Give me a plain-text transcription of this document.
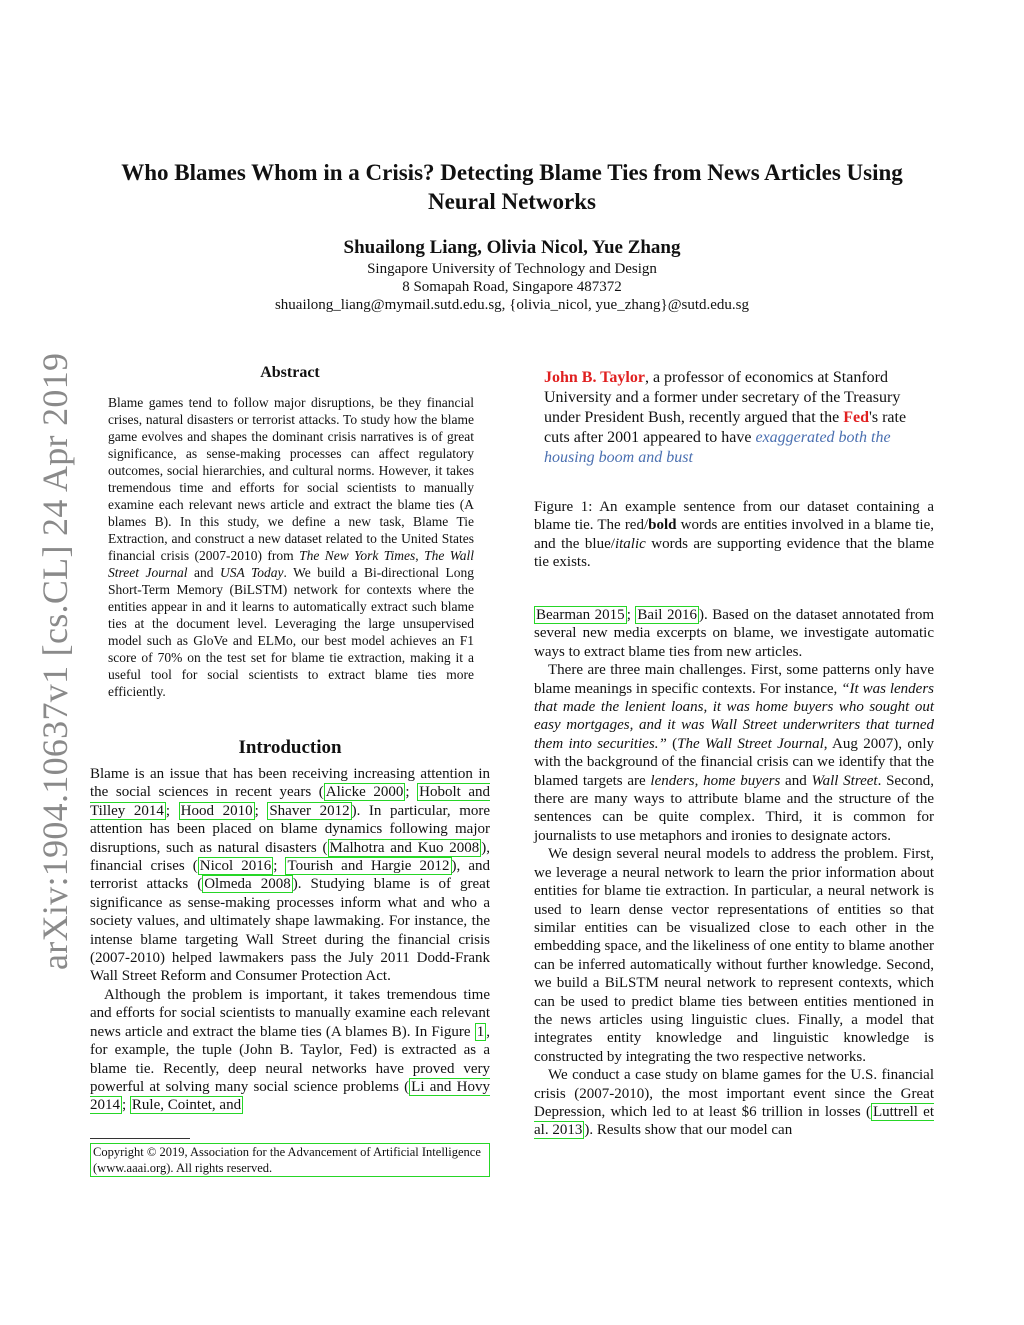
arXiv:1904.10637v1 [cs.CL] 24 Apr 2019
Who Blames Whom in a Crisis? Detecting Blame Ties from News Articles Using Neural Networks
Shuailong Liang, Olivia Nicol, Yue Zhang
Singapore University of Technology and Design
8 Somapah Road, Singapore 487372
shuailong_liang@mymail.sutd.edu.sg, {olivia_nicol, yue_zhang}@sutd.edu.sg
Abstract
Blame games tend to follow major disruptions, be they financial crises, natural disasters or terrorist attacks. To study how the blame game evolves and shapes the dominant crisis narratives is of great significance, as sense-making processes can affect regulatory outcomes, social hierarchies, and cultural norms. However, it takes tremendous time and efforts for social scientists to manually examine each relevant news article and extract the blame ties (A blames B). In this study, we define a new task, Blame Tie Extraction, and construct a new dataset related to the United States financial crisis (2007-2010) from The New York Times, The Wall Street Journal and USA Today. We build a Bi-directional Long Short-Term Memory (BiLSTM) network for contexts where the entities appear in and it learns to automatically extract such blame ties at the document level. Leveraging the large unsupervised model such as GloVe and ELMo, our best model achieves an F1 score of 70% on the test set for blame tie extraction, making it a useful tool for social scientists to extract blame ties more efficiently.
Introduction

Blame is an issue that has been receiving increasing attention in the social sciences in recent years ( Alicke 2000 ; Hobolt and Tilley 2014 ; Hood 2010 ; Shaver 2012 ). In particular, more attention has been placed on blame dynamics following major disruptions, such as natural disasters ( Malhotra and Kuo 2008 ), financial crises ( Nicol 2016 ; Tourish and Hargie 2012 ), and terrorist attacks ( Olmeda 2008 ). Studying blame is of great significance as sense-making processes inform what and who a society values, and ultimately shape lawmaking. For instance, the intense blame targeting Wall Street during the financial crisis (2007-2010) helped lawmakers pass the July 2011 Dodd-Frank Wall Street Reform and Consumer Protection Act.

Although the problem is important, it takes tremendous time and efforts for social scientists to manually examine each relevant news article and extract the blame ties (A blames B). In Figure 1 , for example, the tuple (John B. Taylor, Fed) is extracted as a blame tie. Recently, deep neural networks have proved very powerful at solving many social science problems ( Li and Hovy 2014 ; Rule, Cointet, and

Copyright © 2019, Association for the Advancement of Artificial Intelligence (www.aaai.org). All rights reserved.
John B. Taylor, a professor of economics at Stanford University and a former under secretary of the Treasury under President Bush, recently argued that the Fed's rate cuts after 2001 appeared to have exaggerated both the housing boom and bust
Figure 1: An example sentence from our dataset containing a blame tie. The red/bold words are entities involved in a blame tie, and the blue/italic words are supporting evidence that the blame tie exists.

Bearman 2015 ; Bail 2016 ). Based on the dataset annotated from several new media excerpts on blame, we investigate automatic ways to extract blame ties from new articles.

There are three main challenges. First, some patterns only have blame meanings in specific contexts. For instance, “It was lenders that made the lenient loans, it was home buyers who sought out easy mortgages, and it was Wall Street underwriters that turned them into securities.” (The Wall Street Journal, Aug 2007), only with the background of the financial crisis can we identify that the blamed targets are lenders, home buyers and Wall Street. Second, there are many ways to attribute blame and the structure of the sentences can be quite complex. Third, it is common for journalists to use metaphors and ironies to designate actors.

We design several neural models to address the problem. First, we leverage a neural network to learn the prior information about entities for blame tie extraction. In particular, a neural network is used to learn dense vector representations of entities so that similar entities can be visualized close to each other in the embedding space, and the likeliness of one entity to blame another can be inferred automatically without further knowledge. Second, we build a BiLSTM neural network to represent contexts, which can be used to predict blame ties between entities mentioned in the news articles using linguistic clues. Finally, a model that integrates entity knowledge and linguistic knowledge is constructed by integrating the two respective networks.

We conduct a case study on blame games for the U.S. financial crisis (2007-2010), the most important event since the Great Depression, which led to at least $6 trillion in losses ( Luttrell et al. 2013 ). Results show that our model can
